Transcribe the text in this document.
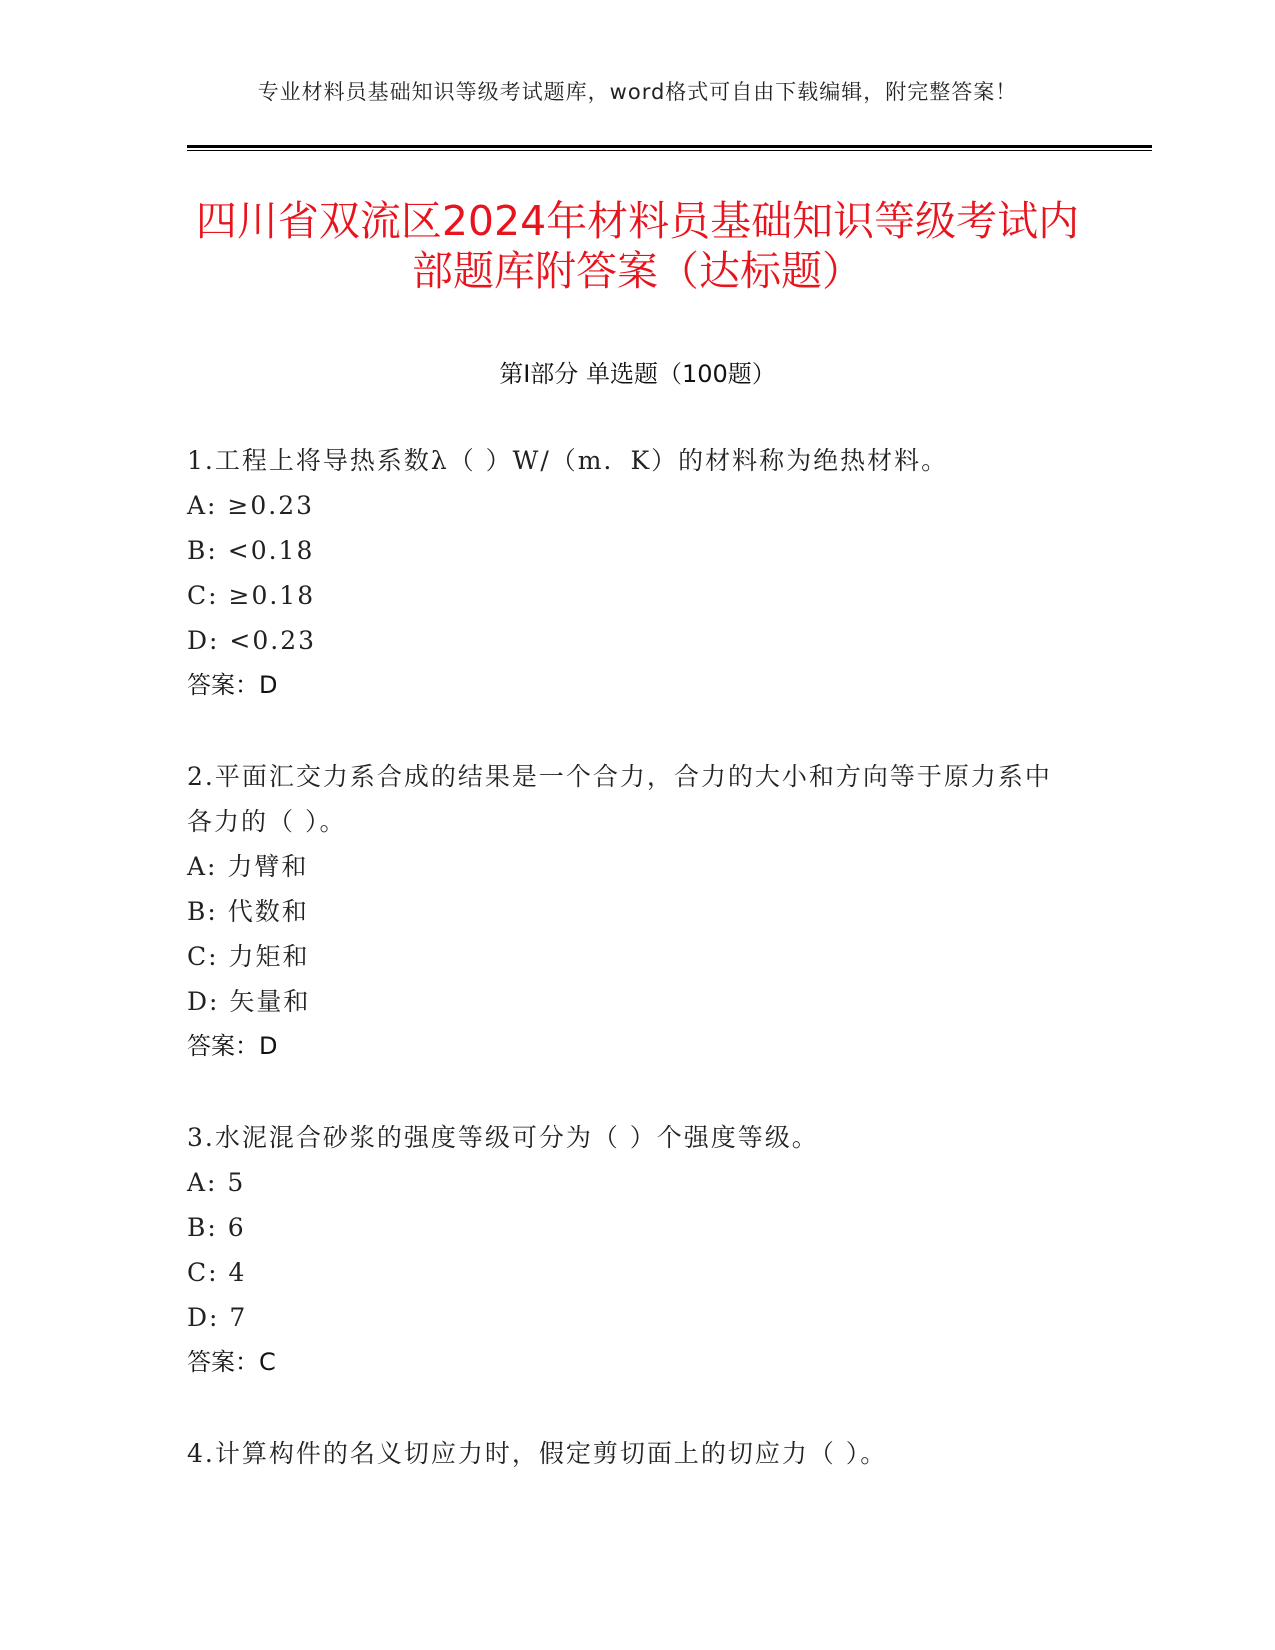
专业材料员基础知识等级考试题库，word格式可自由下载编辑，附完整答案！
四川省双流区2024年材料员基础知识等级考试内部题库附答案（达标题）
第Ⅰ部分 单选题（100题）
1.工程上将导热系数λ（ ）W/（m．K）的材料称为绝热材料。
A: ≥0.23
B: <0.18
C: ≥0.18
D: <0.23
答案：D
2.平面汇交力系合成的结果是一个合力，合力的大小和方向等于原力系中各力的（ ）。
A: 力臂和
B: 代数和
C: 力矩和
D: 矢量和
答案：D
3.水泥混合砂浆的强度等级可分为（ ）个强度等级。
A: 5
B: 6
C: 4
D: 7
答案：C
4.计算构件的名义切应力时，假定剪切面上的切应力（ ）。
